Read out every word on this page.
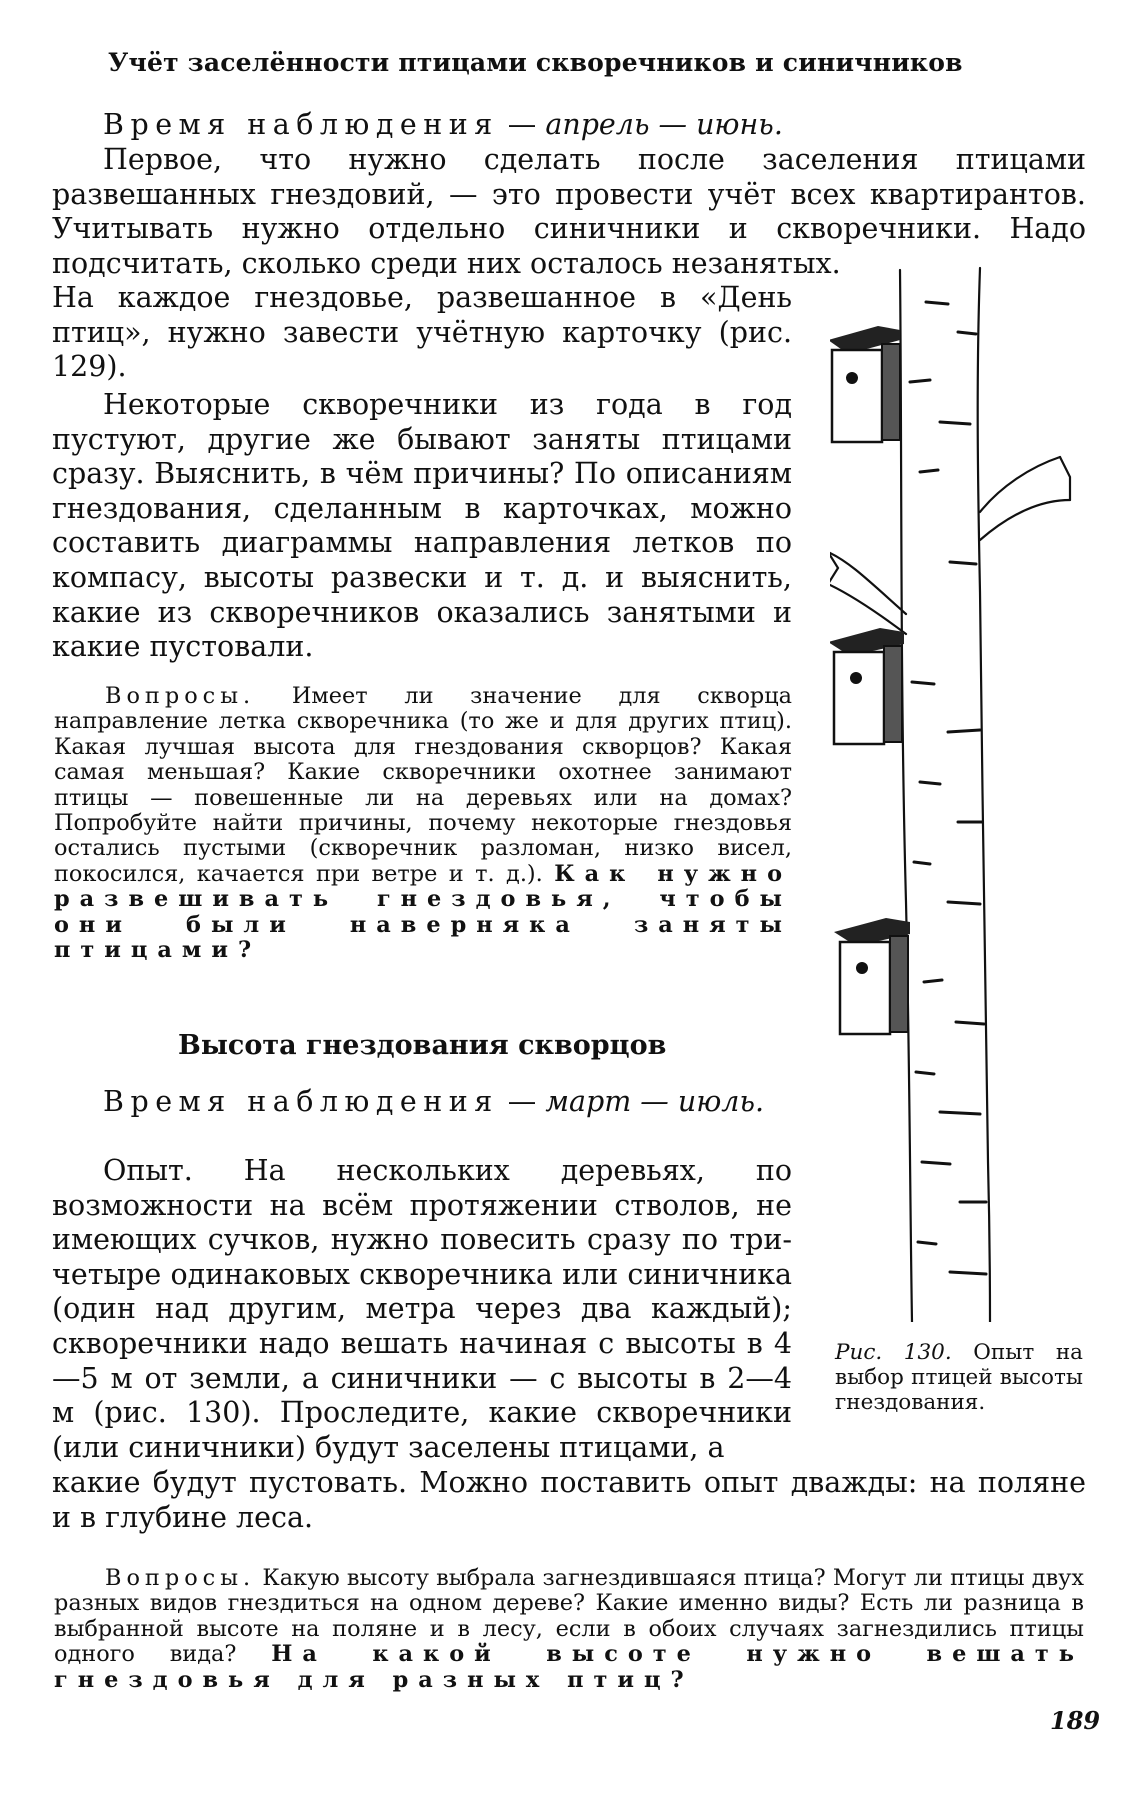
Учёт заселённости птицами скворечников и синичников
Время наблюдения — апрель — июнь.
Первое, что нужно сделать после заселения птицами развешанных гнездовий, — это провести учёт всех квартирантов. Учитывать нужно отдельно синичники и скворечники. Надо подсчитать, сколько среди них осталось незанятых.
На каждое гнездовье, развешанное в «День птиц», нужно завести учётную карточку (рис. 129).
Некоторые скворечники из года в год пустуют, другие же бывают заняты птицами сразу. Выяснить, в чём причины? По описаниям гнездования, сделанным в карточках, можно составить диаграммы направления летков по компасу, высоты развески и т. д. и выяснить, какие из скворечников оказались занятыми и какие пустовали.
Вопросы. Имеет ли значение для скворца направление летка скворечника (то же и для других птиц). Какая лучшая высота для гнездования скворцов? Какая самая меньшая? Какие скворечники охотнее занимают птицы — повешенные ли на деревьях или на домах? Попробуйте найти причины, почему некоторые гнездовья остались пустыми (скворечник разломан, низко висел, покосился, качается при ветре и т. д.). Как нужно развешивать гнездовья, чтобы они были наверняка заняты птицами?
Высота гнездования скворцов
Время наблюдения — март — июль.
Опыт. На нескольких деревьях, по возможности на всём протяжении стволов, не имеющих сучков, нужно повесить сразу по три-четыре одинаковых скворечника или синичника (один над другим, метра через два каждый); скворечники надо вешать начиная с высоты в 4—5 м от земли, а синичники — с высоты в 2—4 м (рис. 130). Проследите, какие скворечники (или синичники) будут заселены птицами, а
какие будут пустовать. Можно поставить опыт дважды: на поляне и в глубине леса.
Вопросы. Какую высоту выбрала загнездившаяся птица? Могут ли птицы двух разных видов гнездиться на одном дереве? Какие именно виды? Есть ли разница в выбранной высоте на поляне и в лесу, если в обоих случаях загнездились птицы одного вида? На какой высоте нужно вешать гнездовья для разных птиц?
Рис. 130. Опыт на выбор птицей высоты гнездования.
189
